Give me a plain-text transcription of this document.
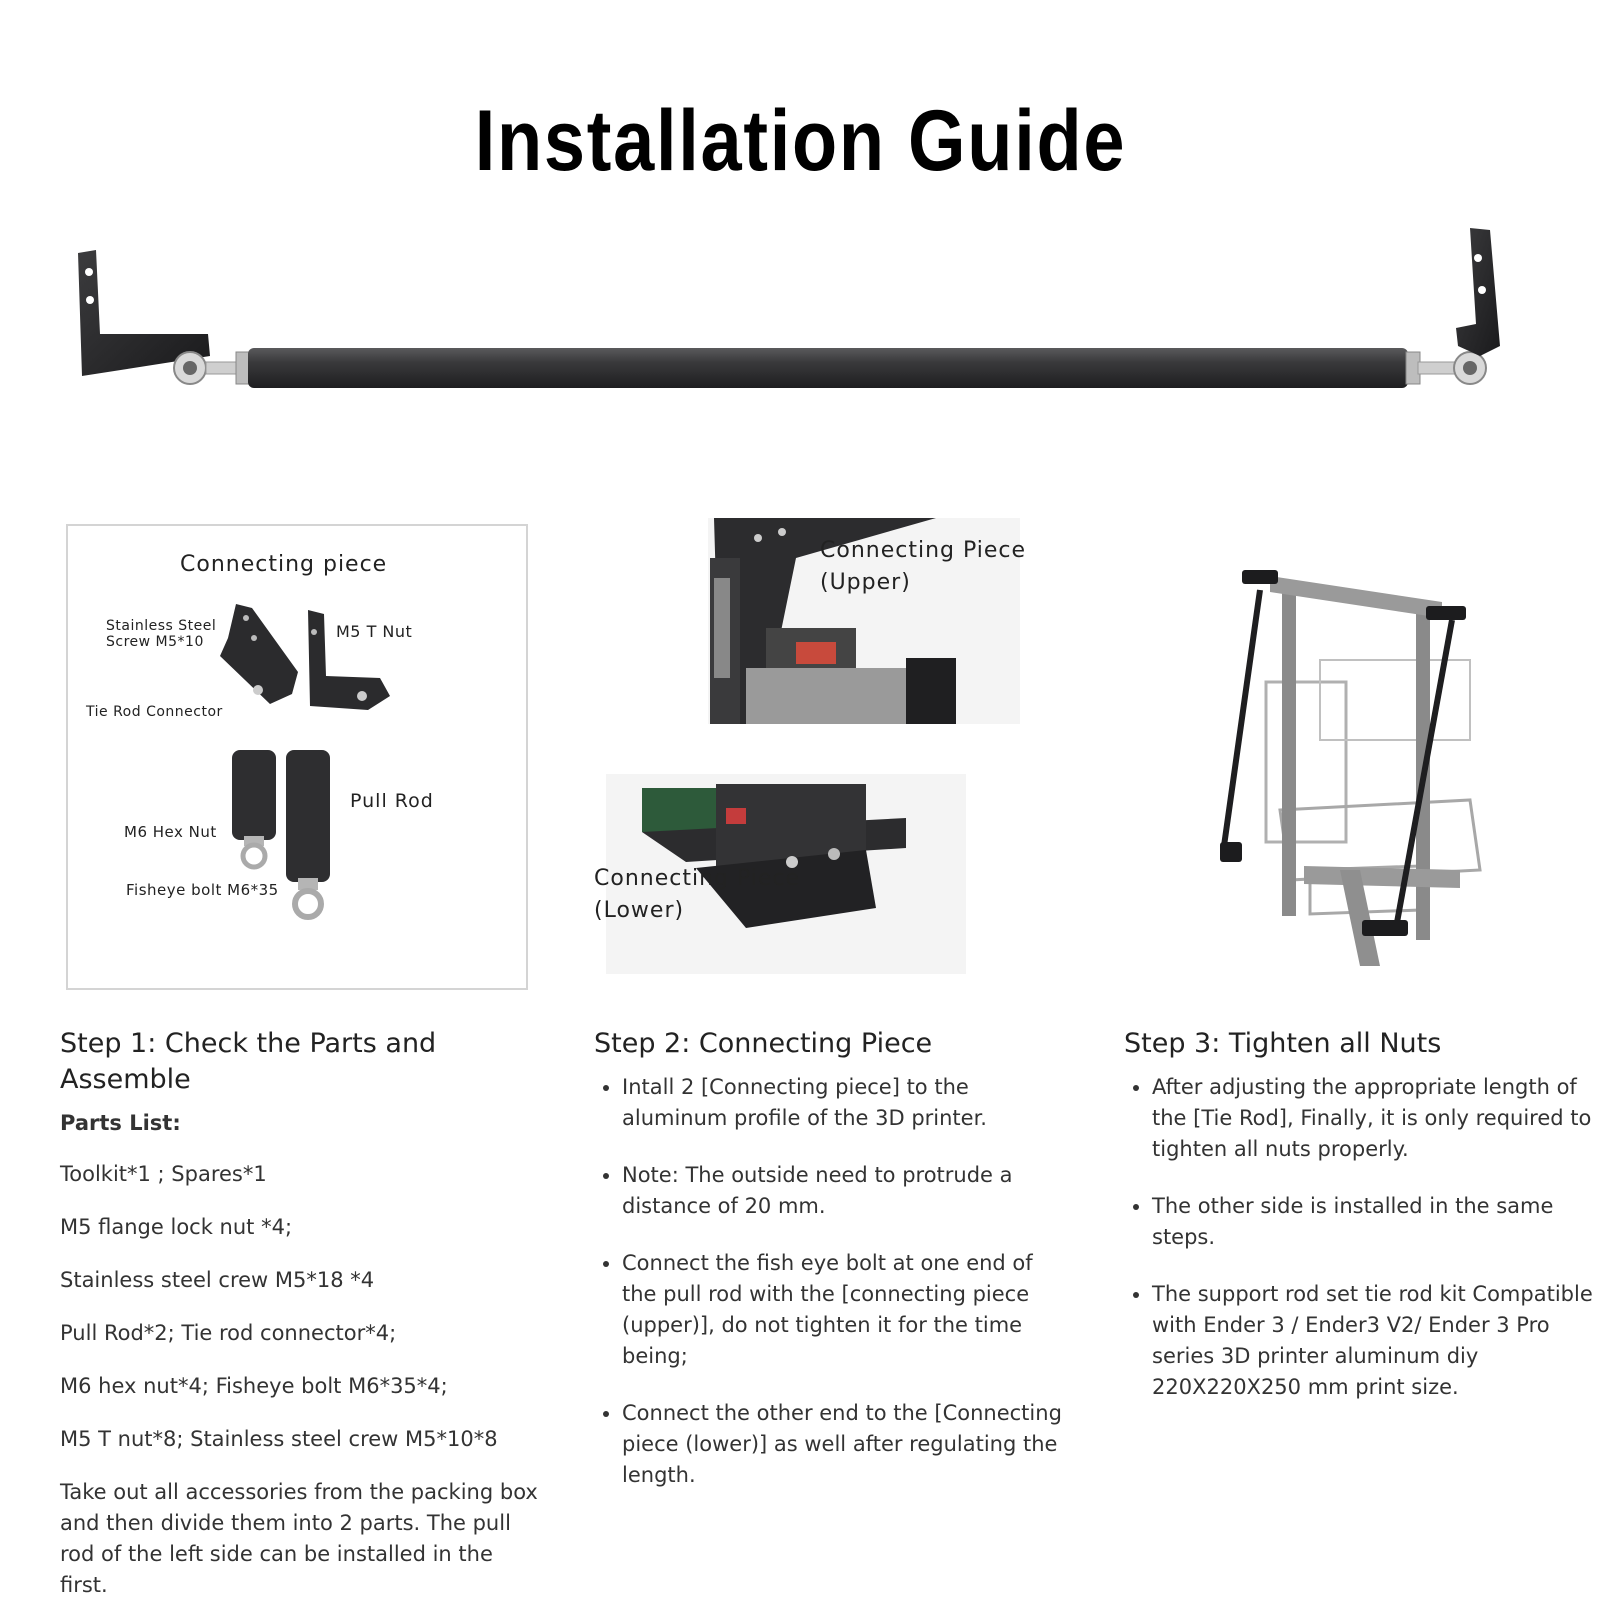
Installation Guide
Connecting piece
Stainless Steel Screw M5*10
M5 T Nut
Tie Rod Connector
Pull Rod
M6 Hex Nut
Fisheye bolt M6*35
Connecting Piece
(Upper)
Connecting Piece
(Lower)
Step 1: Check the Parts and Assemble
Parts List:

Toolkit*1 ; Spares*1

M5 flange lock nut *4;

Stainless steel crew M5*18 *4

Pull Rod*2; Tie rod connector*4;

M6 hex nut*4; Fisheye bolt M6*35*4;

M5 T nut*8; Stainless steel crew M5*10*8

Take out all accessories from the packing box and then divide them into 2 parts. The pull rod of the left side can be installed in the first.

Step 2: Connecting Piece
• Intall 2 [Connecting piece] to the aluminum profile of the 3D printer.
• Note: The outside need to protrude a distance of 20 mm.
• Connect the fish eye bolt at one end of the pull rod with the [connecting piece (upper)], do not tighten it for the time being;
• Connect the other end to the [Connecting piece (lower)] as well after regulating the length.
Step 3: Tighten all Nuts
• After adjusting the appropriate length of the [Tie Rod], Finally, it is only required to tighten all nuts properly.
• The other side is installed in the same steps.
• The support rod set tie rod kit Compatible with Ender 3 / Ender3 V2/ Ender 3 Pro series 3D printer aluminum diy 220X220X250 mm print size.
